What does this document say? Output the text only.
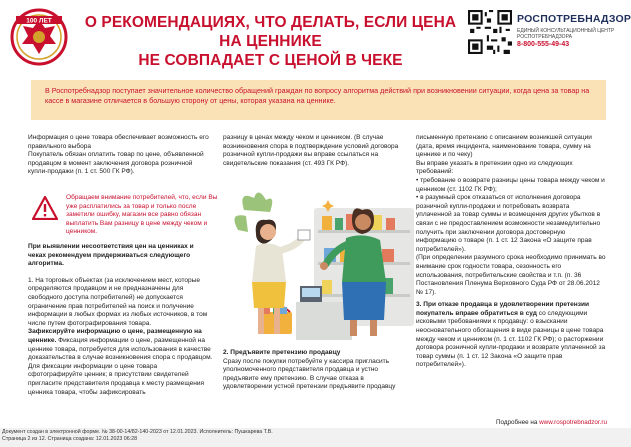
100 ЛЕТ	О РЕКОМЕНДАЦИЯХ, ЧТО ДЕЛАТЬ, ЕСЛИ ЦЕНА НА ЦЕННИКЕ
НЕ СОВПАДАЕТ С ЦЕНОЙ В ЧЕКЕ
РОСПОТРЕБНАДЗОР
ЕДИНЫЙ КОНСУЛЬТАЦИОННЫЙ ЦЕНТР
РОСПОТРЕБНАДЗОРА
8-800-555-49-43
В Роспотребнадзор поступает значительное количество обращений граждан по вопросу алгоритма действий при возникновении ситуации, когда цена за товар на кассе в магазине отличается в большую сторону от цены, которая указана на ценнике.

Информация о цене товара обеспечивает возможность его правильного выбора

Покупатель обязан оплатить товар по цене, объявленной продавцом в момент заключения договора розничной купли-продажи (п. 1 ст. 500 ГК РФ).

Обращаем внимание потребителей, что, если Вы уже расплатились за товар и только после заметили ошибку, магазин все равно обязан выплатить Вам разницу в цене между чеком и ценником.

При выявлении несоответствия цен на ценниках и чеках рекомендуем придерживаться следующего алгоритма.

1. На торговых объектах (за исключением мест, которые определяются продавцом и не предназначены для свободного доступа потребителей) не допускается ограничение прав потребителей на поиск и получение информации в любых формах из любых источников, в том числе путем фотографирования товара.

Зафиксируйте информацию о цене, размещенную на ценнике. Фиксация информации о цене, размещенной на ценнике товара, потребуется для использования в качестве доказательства в случае возникновения спора с продавцом. Для фиксации информации о цене товара сфотографируйте ценник; в присутствии свидетелей пригласите представителя продавца к месту размещения ценника товара, чтобы зафиксировать

разницу в ценах между чеком и ценником. (В случае возникновения спора в подтверждение условий договора розничной купли-продажи вы вправе ссылаться на свидетельские показания (ст. 493 ГК РФ).

2. Предъявите претензию продавцу

Сразу после покупки потребуйте у кассира пригласить уполномоченного представителя продавца и устно предъявите ему претензию. В случае отказа в удовлетворении устной претензии предъявите продавцу

письменную претензию с описанием возникшей ситуации (дата, время инцидента, наименование товара, сумму на ценнике и по чеку)

Вы вправе указать в претензии одно из следующих требований:

• требование о возврате разницы цены товара между чеком и ценником (ст. 1102 ГК РФ);

• в разумный срок отказаться от исполнения договора розничной купли-продажи и потребовать возврата уплаченной за товар суммы и возмещения других убытков в связи с не предоставлением возможности незамедлительно получить при заключении договора достоверную информацию о товаре (п. 1 ст. 12 Закона «О защите прав потребителей»).

(При определении разумного срока необходимо принимать во внимание срок годности товара, сезонность его использования, потребительские свойства и т.п. (п. 36 Постановления Пленума Верховного Суда РФ от 28.06.2012 № 17).

3. При отказе продавца в удовлетворении претензии покупатель вправе обратиться в суд со следующими исковыми требованиями к продавцу: о взыскании неосновательного обогащения в виде разницы в цене товара между чеком и ценником (п. 1 ст. 1102 ГК РФ); о расторжении договора розничной купли-продажи и возврате уплаченной за товар суммы (п. 1 ст. 12 Закона «О защите прав потребителей»).

Подробнее на www.rospotrebnadzor.ru
Документ создан в электронной форме. № 38-00-14/82-140-2023 от 12.01.2023. Исполнитель: Пушкарева Т.В.
Страница 2 из 12. Страница создана: 12.01.2023 06:28
